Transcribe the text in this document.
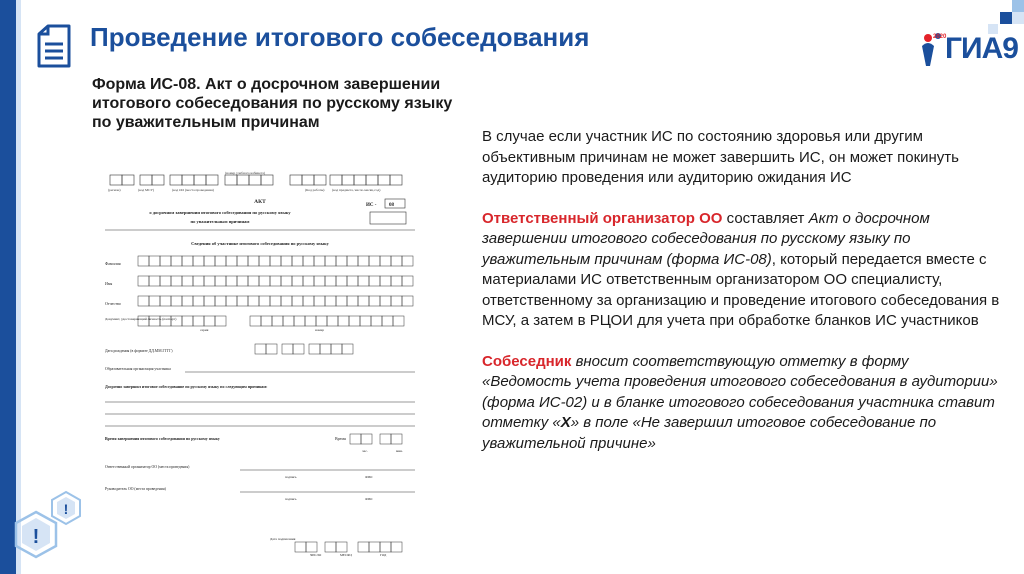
Проведение итогового собеседования	2020
ГИА9
Форма ИС-08. Акт о досрочном завершении итогового собеседования по русскому языку по уважительным причинам
(регион)	(код МСУ)	(код ОО (места проведения)
(номер учебного кабинета)
(Код работы) (код предмета, число-месяц-год)
АКТ
о досрочном завершении итогового собеседования по русскому языку
по уважительным причинам
ИС -	08
Сведения об участнике итогового собеседования по русскому языку
Фамилия
Имя
Отчество
Документ, удостоверяющий личность (паспорт)
серия	номер
Дата рождения (в формате ДД.ММ.ГГГГ)
Образовательная организация участника
Досрочно завершил итоговое собеседование по русскому языку по следующим причинам:
Время завершения итогового собеседования по русскому языку	Время
час.	мин.
Ответственный организатор ОО (места проведения)
подпись	ФИО
Руководитель ОО (места проведения)
подпись	ФИО
Дата подписания
ЧИСЛО	МЕСЯЦ	ГОД

В случае если участник ИС по состоянию здоровья или другим объективным причинам не может завершить ИС, он может покинуть аудиторию проведения или аудиторию ожидания ИС

Ответственный организатор ОО составляет Акт о досрочном завершении итогового собеседования по русскому языку по уважительным причинам (форма ИС-08), который передается вместе с материалами ИС ответственным организатором ОО специалисту, ответственному за организацию и проведение итогового собеседования в МСУ, а затем в РЦОИ для учета при обработке бланков ИС участников

Собеседник вносит соответствующую отметку в форму «Ведомость учета проведения итогового собеседования в аудитории» (форма ИС-02) и в бланке итогового собеседования участника ставит отметку «X» в поле «Не завершил итоговое собеседование по уважительной причине»

!
!
